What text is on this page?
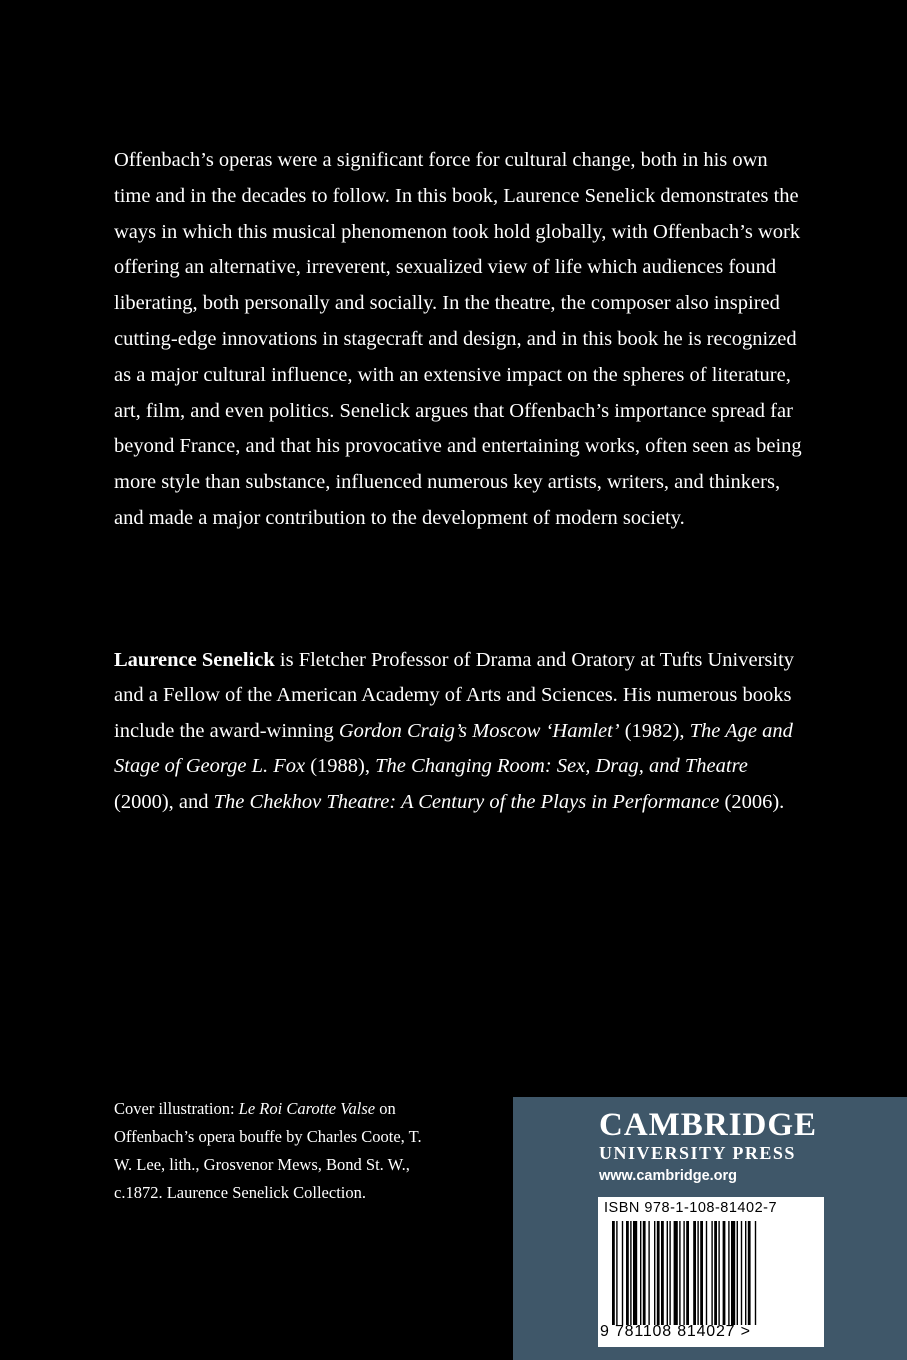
Offenbach’s operas were a significant force for cultural change, both in his own time and in the decades to follow. In this book, Laurence Senelick demonstrates the ways in which this musical phenomenon took hold globally, with Offenbach’s work offering an alternative, irreverent, sexualized view of life which audiences found liberating, both personally and socially. In the theatre, the composer also inspired cutting-edge innovations in stagecraft and design, and in this book he is recognized as a major cultural influence, with an extensive impact on the spheres of literature, art, film, and even politics. Senelick argues that Offenbach’s importance spread far beyond France, and that his provocative and entertaining works, often seen as being more style than substance, influenced numerous key artists, writers, and thinkers, and made a major contribution to the development of modern society.

Laurence Senelick is Fletcher Professor of Drama and Oratory at Tufts University and a Fellow of the American Academy of Arts and Sciences. His numerous books include the award-winning Gordon Craig’s Moscow ‘Hamlet’ (1982), The Age and Stage of George L. Fox (1988), The Changing Room: Sex, Drag, and Theatre (2000), and The Chekhov Theatre: A Century of the Plays in Performance (2006).

Cover illustration: Le Roi Carotte Valse on Offenbach’s opera bouffe by Charles Coote, T. W. Lee, lith., Grosvenor Mews, Bond St. W., c.1872. Laurence Senelick Collection.

CAMBRIDGE
UNIVERSITY PRESS
www.cambridge.org
ISBN 978-1-108-81402-7
9 781108 814027 >
